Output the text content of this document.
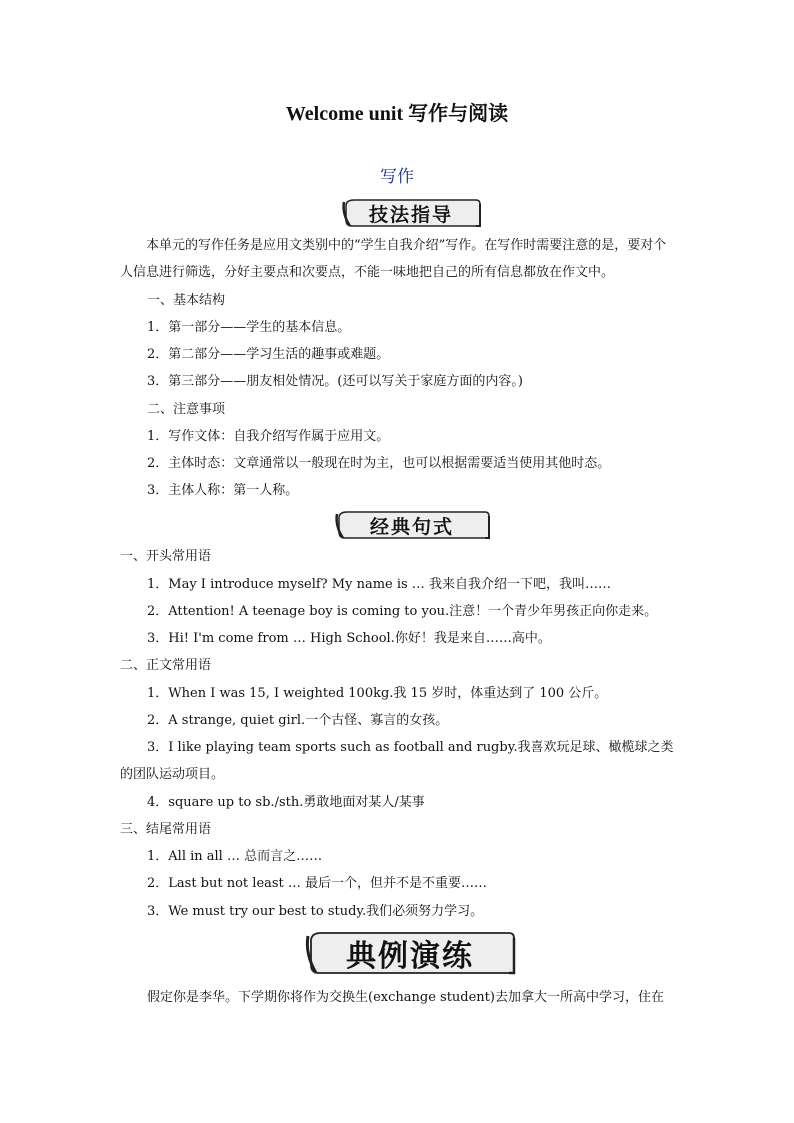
Welcome unit 写作与阅读
写作
技法指导
本单元的写作任务是应用文类别中的“学生自我介绍”写作。在写作时需要注意的是，要对个人信息进行筛选，分好主要点和次要点，不能一味地把自己的所有信息都放在作文中。
一、基本结构
1．第一部分——学生的基本信息。
2．第二部分——学习生活的趣事或难题。
3．第三部分——朋友相处情况。(还可以写关于家庭方面的内容。)
二、注意事项
1．写作文体：自我介绍写作属于应用文。
2．主体时态：文章通常以一般现在时为主，也可以根据需要适当使用其他时态。
3．主体人称：第一人称。
经典句式
一、开头常用语
1．May I introduce myself? My name is … 我来自我介绍一下吧，我叫……
2．Attention! A teenage boy is coming to you.注意！一个青少年男孩正向你走来。
3．Hi! I'm come from … High School.你好！我是来自……高中。
二、正文常用语
1．When I was 15, I weighted 100kg.我 15 岁时，体重达到了 100 公斤。
2．A strange, quiet girl.一个古怪、寡言的女孩。
3．I like playing team sports such as football and rugby.我喜欢玩足球、橄榄球之类的团队运动项目。
4．square up to sb./sth.勇敢地面对某人/某事
三、结尾常用语
1．All in all … 总而言之……
2．Last but not least … 最后一个，但并不是不重要……
3．We must try our best to study.我们必须努力学习。
典例演练
假定你是李华。下学期你将作为交换生(exchange student)去加拿大一所高中学习，住在
